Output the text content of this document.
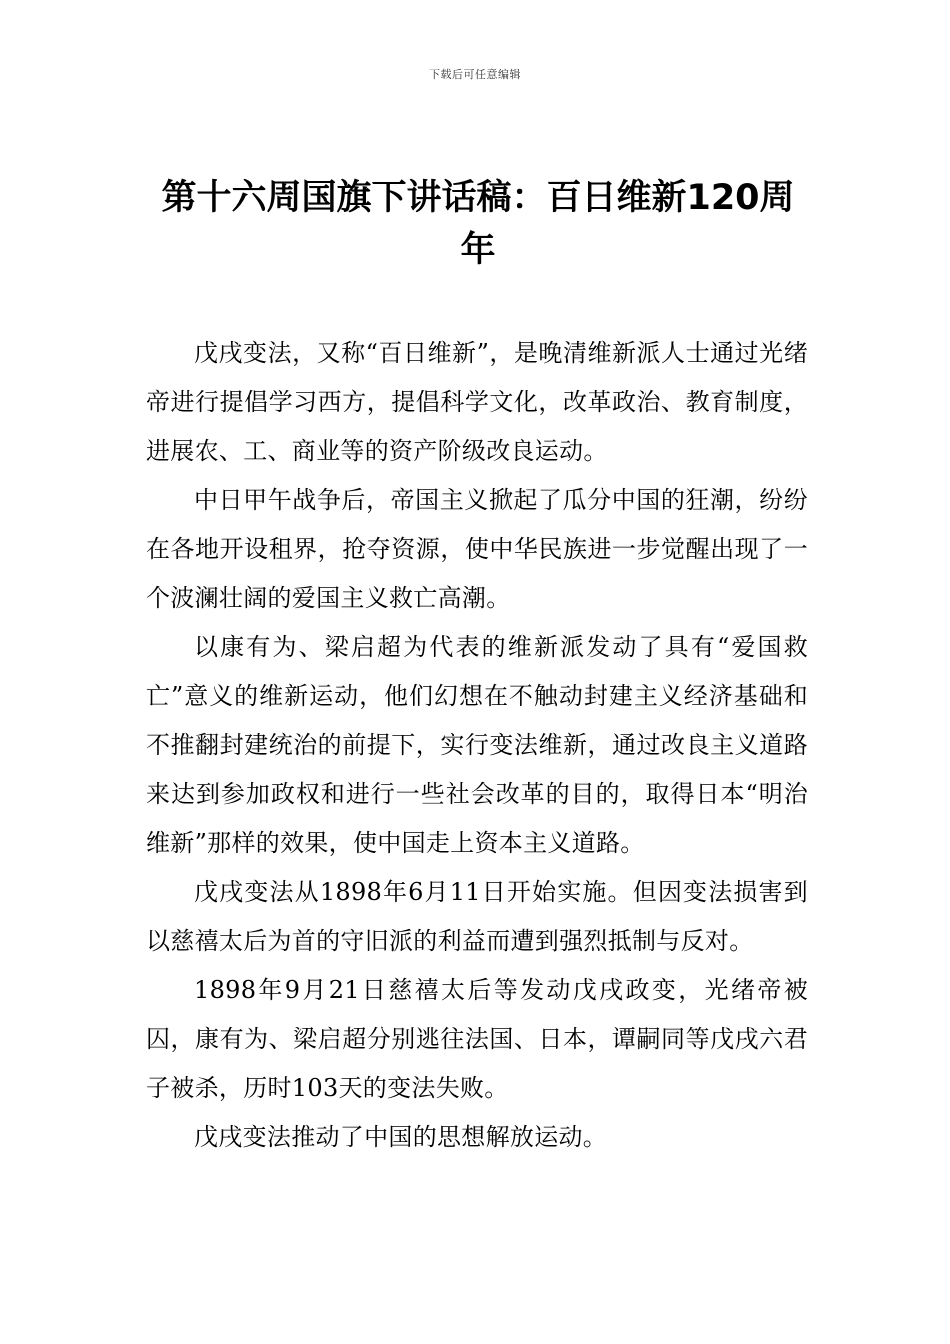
下载后可任意编辑
第十六周国旗下讲话稿：百日维新120周年

戊戌变法，又称“百日维新”，是晚清维新派人士通过光绪帝进行提倡学习西方，提倡科学文化，改革政治、教育制度，进展农、工、商业等的资产阶级改良运动。

中日甲午战争后，帝国主义掀起了瓜分中国的狂潮，纷纷在各地开设租界，抢夺资源，使中华民族进一步觉醒出现了一个波澜壮阔的爱国主义救亡高潮。

以康有为、梁启超为代表的维新派发动了具有“爱国救亡”意义的维新运动，他们幻想在不触动封建主义经济基础和不推翻封建统治的前提下，实行变法维新，通过改良主义道路来达到参加政权和进行一些社会改革的目的，取得日本“明治维新”那样的效果，使中国走上资本主义道路。

戊戌变法从1898年6月11日开始实施。但因变法损害到以慈禧太后为首的守旧派的利益而遭到强烈抵制与反对。

1898年9月21日慈禧太后等发动戊戌政变，光绪帝被囚，康有为、梁启超分别逃往法国、日本，谭嗣同等戊戌六君子被杀，历时103天的变法失败。

戊戌变法推动了中国的思想解放运动。
